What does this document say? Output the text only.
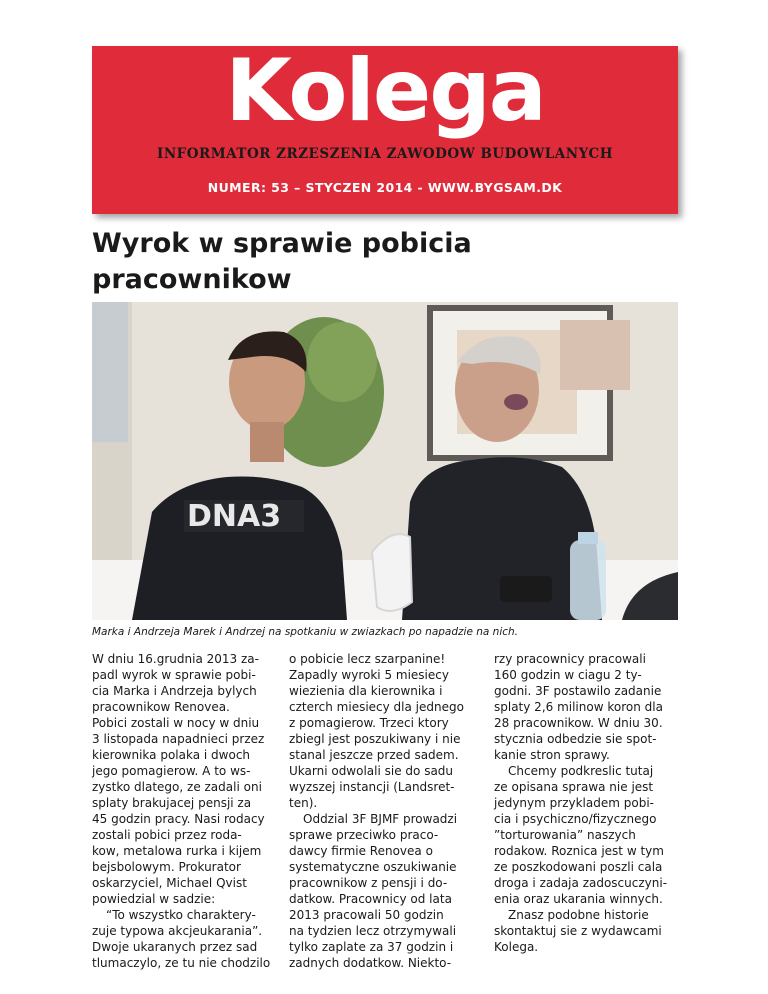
Kolega
INFORMATOR ZRZESZENIA ZAWODOW BUDOWLANYCH
NUMER: 53 – STYCZEN 2014 - WWW.BYGSAM.DK
Wyrok w sprawie pobicia
pracownikow
DNA3
Marka i Andrzeja Marek i Andrzej na spotkaniu w zwiazkach po napadzie na nich.

W dniu 16.grudnia 2013 za-

padl wyrok w sprawie pobi-

cia Marka i Andrzeja bylych

pracownikow Renovea.

Pobici zostali w nocy w dniu

3 listopada napadnieci przez

kierownika polaka i dwoch

jego pomagierow. A to ws-

zystko dlatego, ze zadali oni

splaty brakujacej pensji za

45 godzin pracy. Nasi rodacy

zostali pobici przez roda-

kow, metalowa rurka i kijem

bejsbolowym. Prokurator

oskarzyciel, Michael Qvist

powiedzial w sadzie:

“To wszystko charaktery-

zuje typowa akcjeukarania”.

Dwoje ukaranych przez sad

tlumaczylo, ze tu nie chodzilo

o pobicie lecz szarpanine!

Zapadly wyroki 5 miesiecy

wiezienia dla kierownika i

czterch miesiecy dla jednego

z pomagierow. Trzeci ktory

zbiegl jest poszukiwany i nie

stanal jeszcze przed sadem.

Ukarni odwolali sie do sadu

wyzszej instancji (Landsret-

ten).

Oddzial 3F BJMF prowadzi

sprawe przeciwko praco-

dawcy firmie Renovea o

systematyczne oszukiwanie

pracownikow z pensji i do-

datkow. Pracownicy od lata

2013 pracowali 50 godzin

na tydzien lecz otrzymywali

tylko zaplate za 37 godzin i

zadnych dodatkow. Niekto-

rzy pracownicy pracowali

160 godzin w ciagu 2 ty-

godni. 3F postawilo zadanie

splaty 2,6 milinow koron dla

28 pracownikow. W dniu 30.

stycznia odbedzie sie spot-

kanie stron sprawy.

Chcemy podkreslic tutaj

ze opisana sprawa nie jest

jedynym przykladem pobi-

cia i psychiczno/fizycznego

”torturowania” naszych

rodakow. Roznica jest w tym

ze poszkodowani poszli cala

droga i zadaja zadoscuczyni-

enia oraz ukarania winnych.

Znasz podobne historie

skontaktuj sie z wydawcami

Kolega.
